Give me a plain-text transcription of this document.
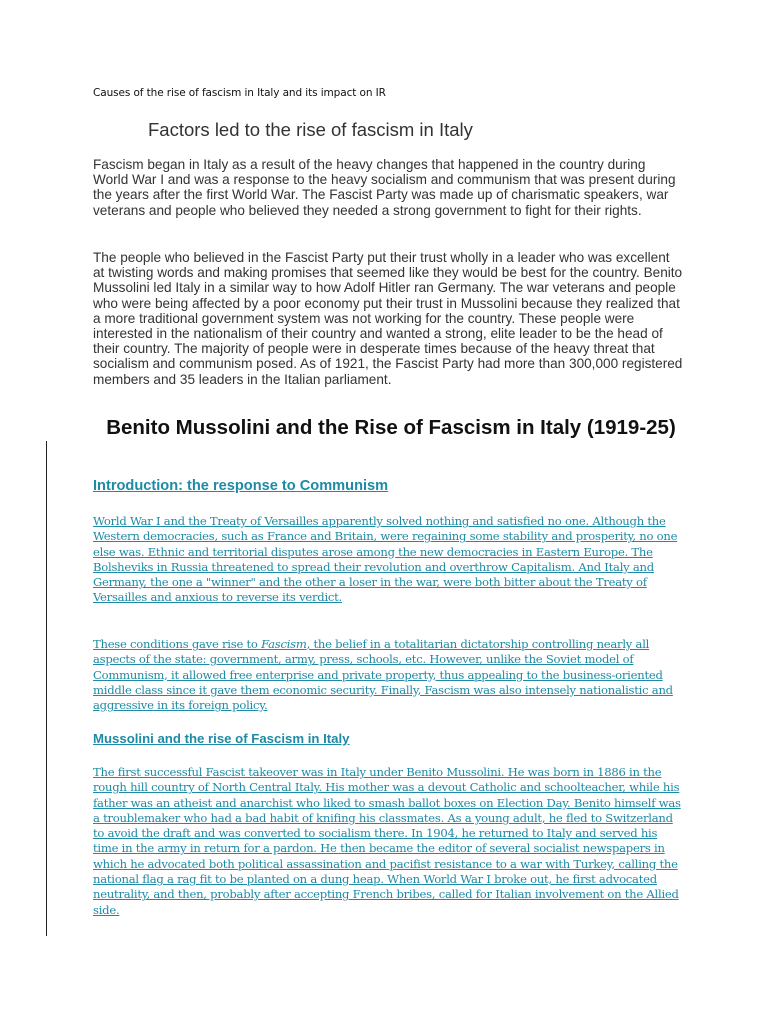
Causes of the rise of fascism in Italy and its impact on IR
Factors led to the rise of fascism in Italy

Fascism began in Italy as a result of the heavy changes that happened in the country during World War I and was a response to the heavy socialism and communism that was present during the years after the first World War. The Fascist Party was made up of charismatic speakers, war veterans and people who believed they needed a strong government to fight for their rights.

The people who believed in the Fascist Party put their trust wholly in a leader who was excellent at twisting words and making promises that seemed like they would be best for the country. Benito Mussolini led Italy in a similar way to how Adolf Hitler ran Germany. The war veterans and people who were being affected by a poor economy put their trust in Mussolini because they realized that a more traditional government system was not working for the country. These people were interested in the nationalism of their country and wanted a strong, elite leader to be the head of their country. The majority of people were in desperate times because of the heavy threat that socialism and communism posed. As of 1921, the Fascist Party had more than 300,000 registered members and 35 leaders in the Italian parliament.

Benito Mussolini and the Rise of Fascism in Italy (1919-25)
Introduction: the response to Communism
World War I and the Treaty of Versailles apparently solved nothing and satisfied no one. Although the Western democracies, such as France and Britain, were regaining some stability and prosperity, no one else was. Ethnic and territorial disputes arose among the new democracies in Eastern Europe. The Bolsheviks in Russia threatened to spread their revolution and overthrow Capitalism. And Italy and Germany, the one a "winner" and the other a loser in the war, were both bitter about the Treaty of Versailles and anxious to reverse its verdict.
These conditions gave rise to Fascism, the belief in a totalitarian dictatorship controlling nearly all aspects of the state: government, army, press, schools, etc. However, unlike the Soviet model of Communism, it allowed free enterprise and private property, thus appealing to the business-oriented middle class since it gave them economic security. Finally, Fascism was also intensely nationalistic and aggressive in its foreign policy.
Mussolini and the rise of Fascism in Italy
The first successful Fascist takeover was in Italy under Benito Mussolini. He was born in 1886 in the rough hill country of North Central Italy. His mother was a devout Catholic and schoolteacher, while his father was an atheist and anarchist who liked to smash ballot boxes on Election Day. Benito himself was a troublemaker who had a bad habit of knifing his classmates. As a young adult, he fled to Switzerland to avoid the draft and was converted to socialism there. In 1904, he returned to Italy and served his time in the army in return for a pardon. He then became the editor of several socialist newspapers in which he advocated both political assassination and pacifist resistance to a war with Turkey, calling the national flag a rag fit to be planted on a dung heap. When World War I broke out, he first advocated neutrality, and then, probably after accepting French bribes, called for Italian involvement on the Allied side.
